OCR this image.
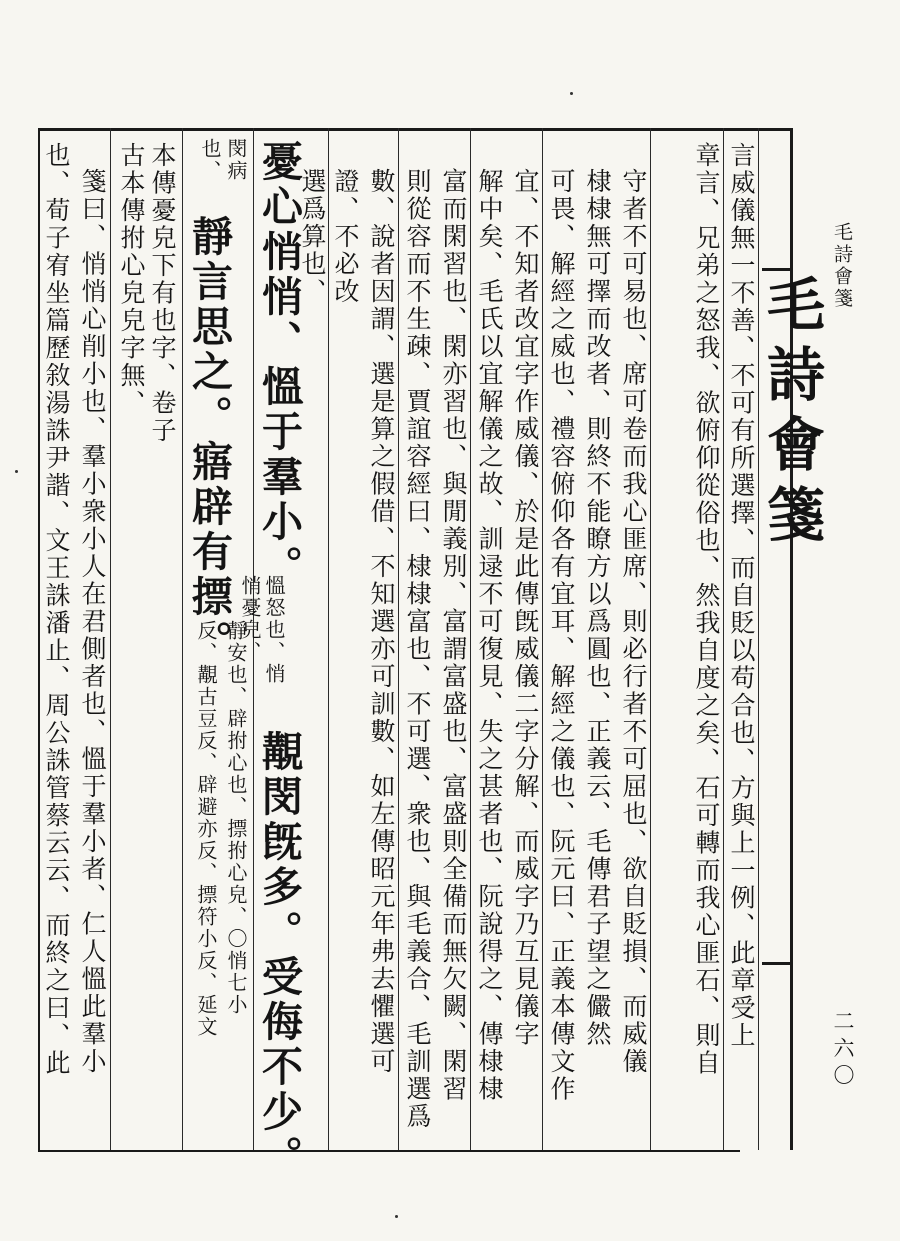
毛詩會箋
二六〇
毛詩會箋
言威儀無一不善、不可有所選擇、而自貶以苟合也、方與上一例、此章受上
章言、兄弟之怒我、欲俯仰從俗也、然我自度之矣、石可轉而我心匪石、則自
守者不可易也、席可卷而我心匪席、則必行者不可屈也、欲自貶損、而威儀
棣棣無可擇而改者、則終不能瞭方以爲圓也、正義云、毛傳君子望之儼然
可畏、解經之威也、禮容俯仰各有宜耳、解經之儀也、阮元曰、正義本傳文作
宜、不知者改宜字作威儀、於是此傳旣威儀二字分解、而威字乃互見儀字
解中矣、毛氏以宜解儀之故、訓逯不可復見、失之甚者也、阮說得之、傳棣棣
富而閑習也、閑亦習也、與閒義別、富謂富盛也、富盛則全備而無欠闕、閑習
則從容而不生疎、賈誼容經曰、棣棣富也、不可選、衆也、與毛義合、毛訓選爲
數、說者因謂、選是算之假借、不知選亦可訓數、如左傳昭元年弗去懼選可
證、不必改
選爲算也、
憂心悄悄、慍于羣小。
慍怒也、悄
悄憂皃、
覯閔旣多。受侮不少。
閔病
也、
靜言思之。寤辟有摽。
靜安也、辟拊心也、摽拊心皃、〇悄七小
反、覯古豆反、辟避亦反、摽符小反、延文
本傳憂皃下有也字、卷子
古本傳拊心皃皃字無、
箋曰、悄悄心削小也、羣小衆小人在君側者也、慍于羣小者、仁人慍此羣小
也、荀子宥坐篇歷敘湯誅尹諧、文王誅潘止、周公誅管蔡云云、而終之曰、此
